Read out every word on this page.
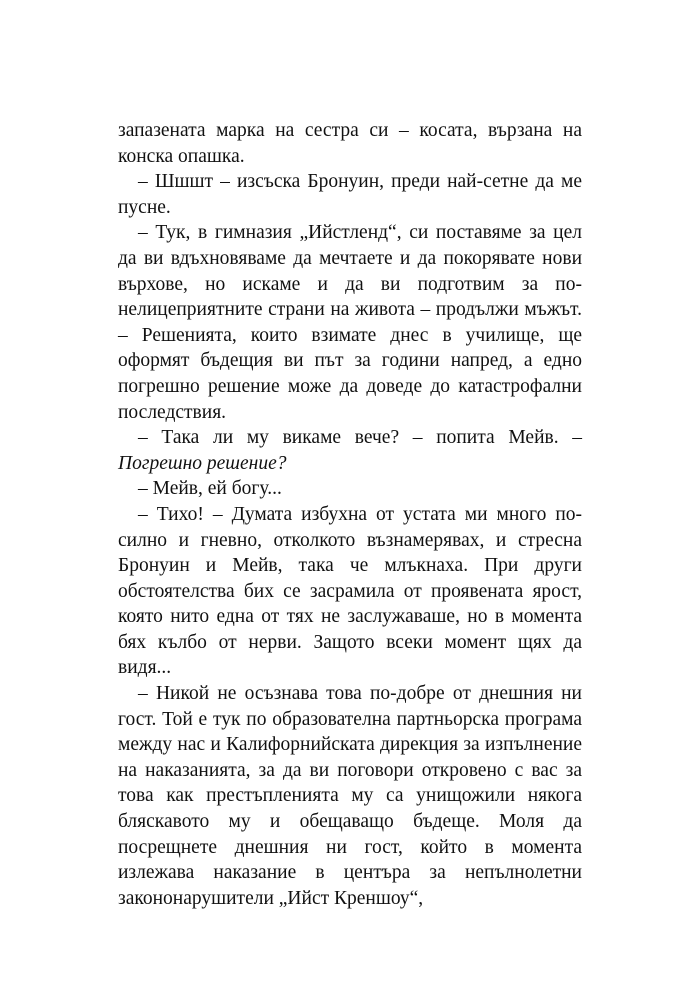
запазената марка на сестра си – косата, вързана на конска опашка.

– Шшшт – изсъска Бронуин, преди най-сетне да ме пусне.

– Тук, в гимназия „Ийстленд“, си поставяме за цел да ви вдъхновяваме да мечтаете и да покорявате нови върхове, но искаме и да ви подготвим за по-нелицеприятните страни на живота – продължи мъжът. – Решенията, които взимате днес в училище, ще оформят бъдещия ви път за години напред, а едно погрешно решение може да доведе до катастрофални последствия.

– Така ли му викаме вече? – попита Мейв. – Погрешно решение?

– Мейв, ей богу...

– Тихо! – Думата избухна от устата ми много по-силно и гневно, отколкото възнамерявах, и стресна Бронуин и Мейв, така че млъкнаха. При други обстоятелства бих се засрамила от проявената ярост, която нито една от тях не заслужаваше, но в момента бях кълбо от нерви. Защото всеки момент щях да видя...

– Никой не осъзнава това по-добре от днешния ни гост. Той е тук по образователна партньорска програма между нас и Калифорнийската дирекция за изпълнение на наказанията, за да ви поговори откровено с вас за това как престъпленията му са унищожили някога бляскавото му и обещаващо бъдеще. Моля да посрещнете днешния ни гост, който в момента излежава наказание в центъра за непълнолетни закононарушители „Ийст Креншоу“,
